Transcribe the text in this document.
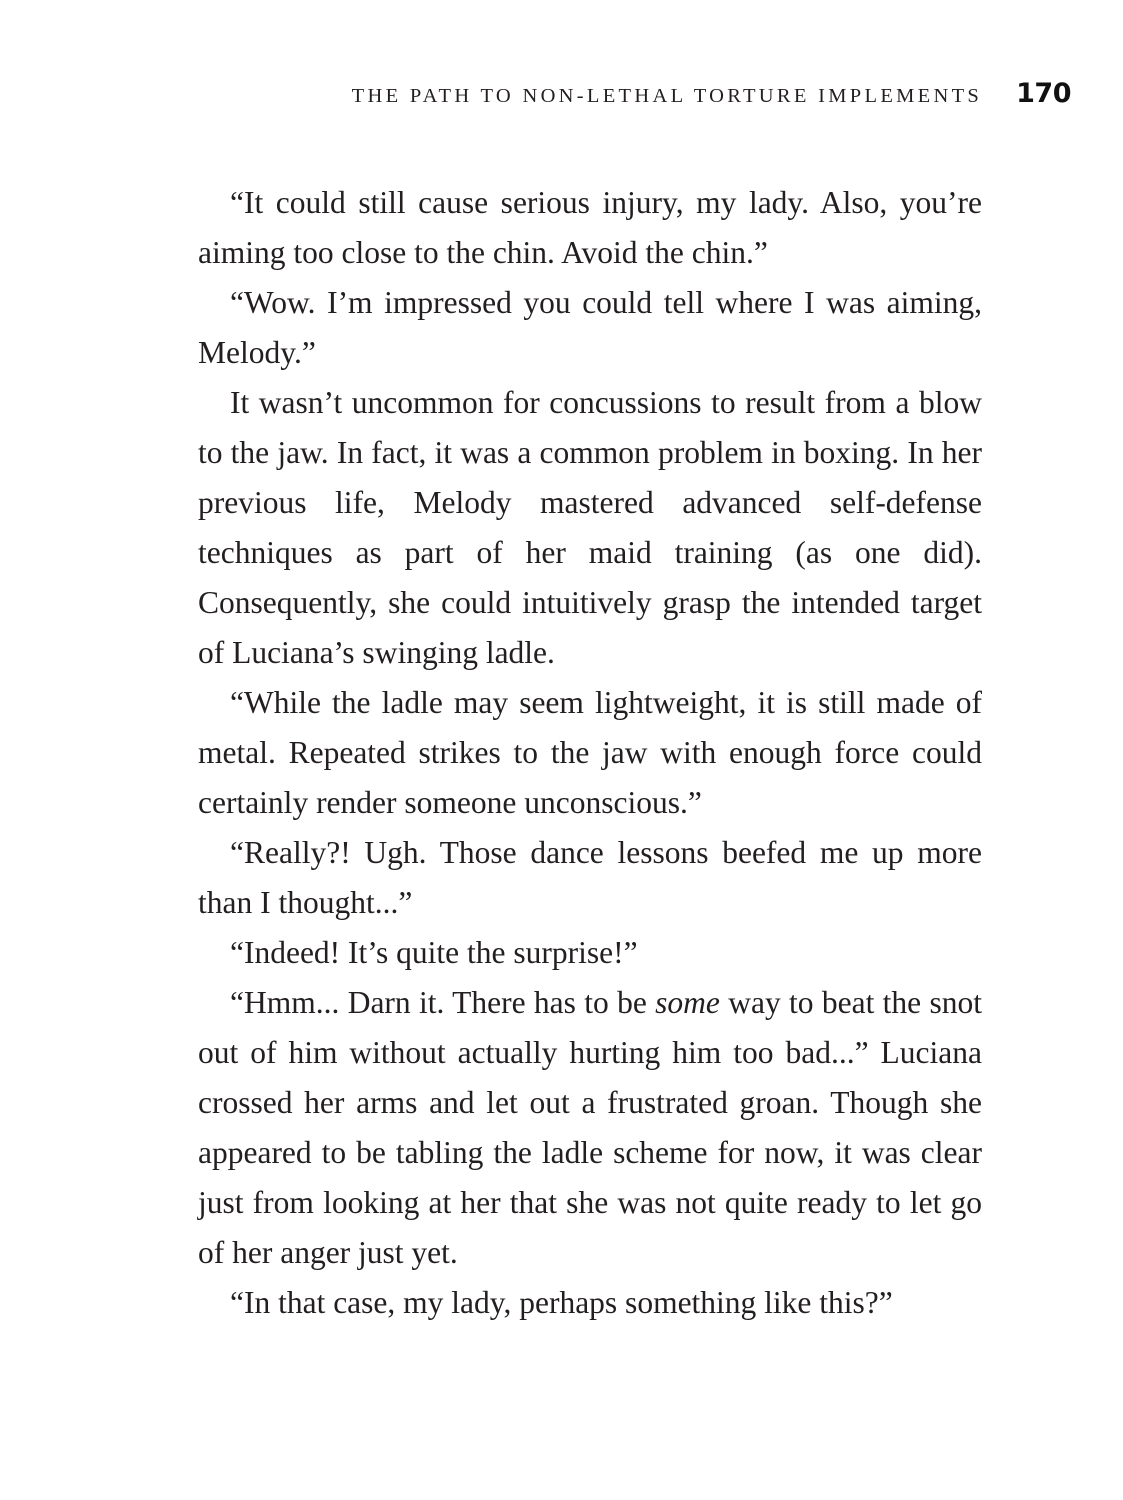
THE PATH TO NON-LETHAL TORTURE IMPLEMENTS 170

“It could still cause serious injury, my lady. Also, you’re aiming too close to the chin. Avoid the chin.”

“Wow. I’m impressed you could tell where I was aiming, Melody.”

It wasn’t uncommon for concussions to result from a blow to the jaw. In fact, it was a common problem in boxing. In her previous life, Melody mastered advanced self-defense techniques as part of her maid training (as one did). Consequently, she could intuitively grasp the intended target of Luciana’s swinging ladle.

“While the ladle may seem lightweight, it is still made of metal. Repeated strikes to the jaw with enough force could certainly render someone unconscious.”

“Really?! Ugh. Those dance lessons beefed me up more than I thought...”

“Indeed! It’s quite the surprise!”

“Hmm... Darn it. There has to be some way to beat the snot out of him without actually hurting him too bad...” Luciana crossed her arms and let out a frustrated groan. Though she appeared to be tabling the ladle scheme for now, it was clear just from looking at her that she was not quite ready to let go of her anger just yet.

“In that case, my lady, perhaps something like this?”
